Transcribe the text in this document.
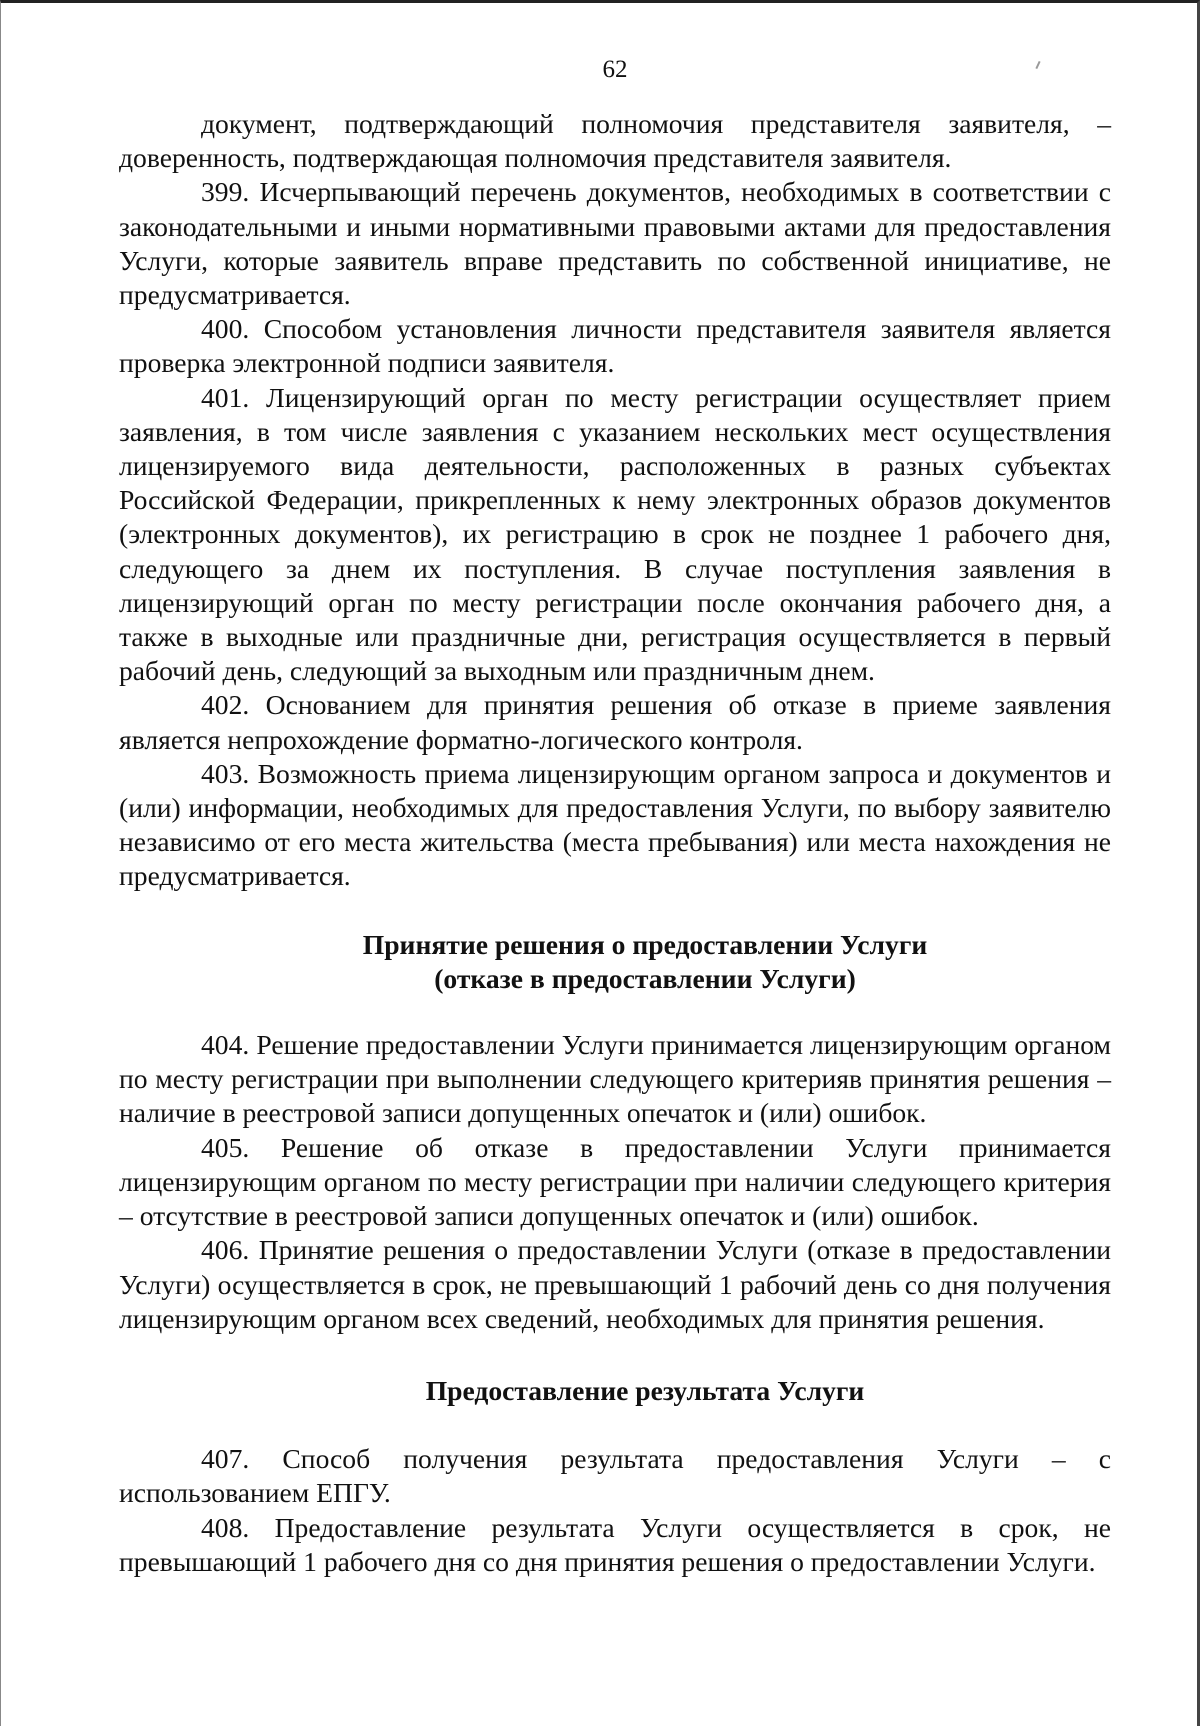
62

документ, подтверждающий полномочия представителя заявителя, – доверенность, подтверждающая полномочия представителя заявителя.

399. Исчерпывающий перечень документов, необходимых в соответствии с законодательными и иными нормативными правовыми актами для предоставления Услуги, которые заявитель вправе представить по собственной инициативе, не предусматривается.

400. Способом установления личности представителя заявителя является проверка электронной подписи заявителя.

401. Лицензирующий орган по месту регистрации осуществляет прием заявления, в том числе заявления с указанием нескольких мест осуществления лицензируемого вида деятельности, расположенных в разных субъектах Российской Федерации, прикрепленных к нему электронных образов документов (электронных документов), их регистрацию в срок не позднее 1 рабочего дня, следующего за днем их поступления. В случае поступления заявления в лицензирующий орган по месту регистрации после окончания рабочего дня, а также в выходные или праздничные дни, регистрация осуществляется в первый рабочий день, следующий за выходным или праздничным днем.

402. Основанием для принятия решения об отказе в приеме заявления является непрохождение форматно-логического контроля.

403. Возможность приема лицензирующим органом запроса и документов и (или) информации, необходимых для предоставления Услуги, по выбору заявителю независимо от его места жительства (места пребывания) или места нахождения не предусматривается.

Принятие решения о предоставлении Услуги
(отказе в предоставлении Услуги)

404. Решение предоставлении Услуги принимается лицензирующим органом по месту регистрации при выполнении следующего критерияв принятия решения – наличие в реестровой записи допущенных опечаток и (или) ошибок.

405. Решение об отказе в предоставлении Услуги принимается лицензирующим органом по месту регистрации при наличии следующего критерия – отсутствие в реестровой записи допущенных опечаток и (или) ошибок.

406. Принятие решения о предоставлении Услуги (отказе в предоставлении Услуги) осуществляется в срок, не превышающий 1 рабочий день со дня получения лицензирующим органом всех сведений, необходимых для принятия решения.

Предоставление результата Услуги

407. Способ получения результата предоставления Услуги – с использованием ЕПГУ.

408. Предоставление результата Услуги осуществляется в срок, не превышающий 1 рабочего дня со дня принятия решения о предоставлении Услуги.
